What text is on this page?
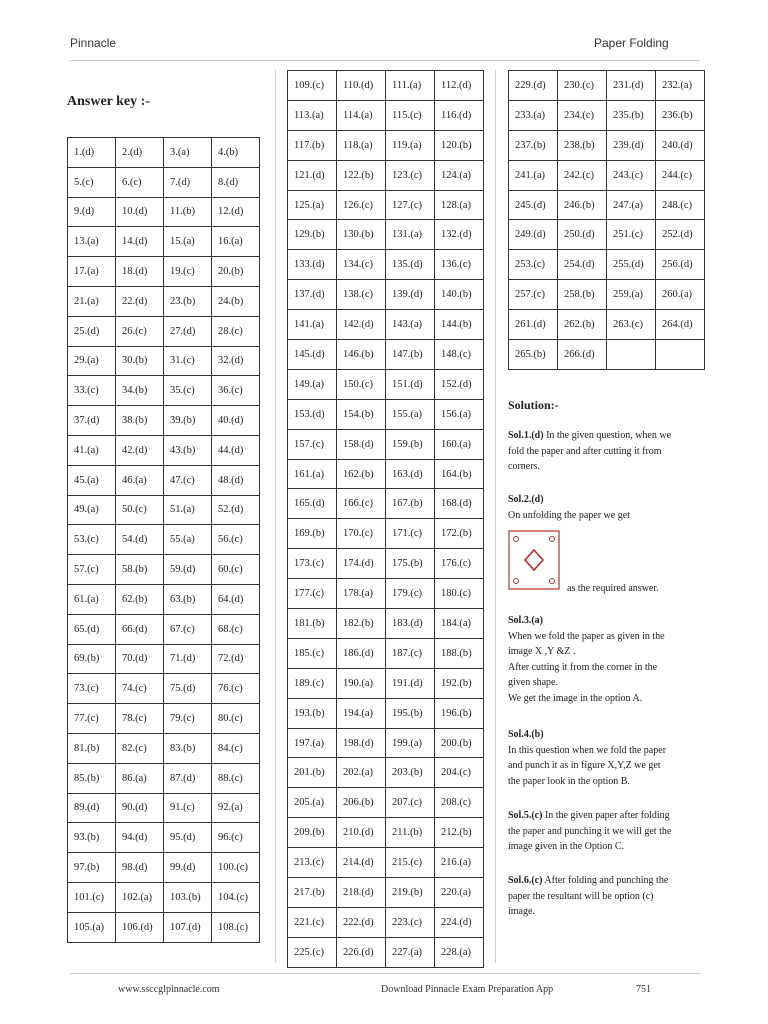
Pinnacle	Paper Folding
Answer key :-
1.(d)	2.(d)	3.(a)	4.(b)
5.(c)	6.(c)	7.(d)	8.(d)
9.(d)	10.(d)	11.(b)	12.(d)
13.(a)	14.(d)	15.(a)	16.(a)
17.(a)	18.(d)	19.(c)	20.(b)
21.(a)	22.(d)	23.(b)	24.(b)
25.(d)	26.(c)	27.(d)	28.(c)
29.(a)	30.(b)	31.(c)	32.(d)
33.(c)	34.(b)	35.(c)	36.(c)
37.(d)	38.(b)	39.(b)	40.(d)
41.(a)	42.(d)	43.(b)	44.(d)
45.(a)	46.(a)	47.(c)	48.(d)
49.(a)	50.(c)	51.(a)	52.(d)
53.(c)	54.(d)	55.(a)	56.(c)
57.(c)	58.(b)	59.(d)	60.(c)
61.(a)	62.(b)	63.(b)	64.(d)
65.(d)	66.(d)	67.(c)	68.(c)
69.(b)	70.(d)	71.(d)	72.(d)
73.(c)	74.(c)	75.(d)	76.(c)
77.(c)	78.(c)	79.(c)	80.(c)
81.(b)	82.(c)	83.(b)	84.(c)
85.(b)	86.(a)	87.(d)	88.(c)
89.(d)	90.(d)	91.(c)	92.(a)
93.(b)	94.(d)	95.(d)	96.(c)
97.(b)	98.(d)	99.(d)	100.(c)
101.(c)	102.(a)	103.(b)	104.(c)
105.(a)	106.(d)	107.(d)	108.(c)
109.(c)	110.(d)	111.(a)	112.(d)
113.(a)	114.(a)	115.(c)	116.(d)
117.(b)	118.(a)	119.(a)	120.(b)
121.(d)	122.(b)	123.(c)	124.(a)
125.(a)	126.(c)	127.(c)	128.(a)
129.(b)	130.(b)	131.(a)	132.(d)
133.(d)	134.(c)	135.(d)	136.(c)
137.(d)	138.(c)	139.(d)	140.(b)
141.(a)	142.(d)	143.(a)	144.(b)
145.(d)	146.(b)	147.(b)	148.(c)
149.(a)	150.(c)	151.(d)	152.(d)
153.(d)	154.(b)	155.(a)	156.(a)
157.(c)	158.(d)	159.(b)	160.(a)
161.(a)	162.(b)	163.(d)	164.(b)
165.(d)	166.(c)	167.(b)	168.(d)
169.(b)	170.(c)	171.(c)	172.(b)
173.(c)	174.(d)	175.(b)	176.(c)
177.(c)	178.(a)	179.(c)	180.(c)
181.(b)	182.(b)	183.(d)	184.(a)
185.(c)	186.(d)	187.(c)	188.(b)
189.(c)	190.(a)	191.(d)	192.(b)
193.(b)	194.(a)	195.(b)	196.(b)
197.(a)	198.(d)	199.(a)	200.(b)
201.(b)	202.(a)	203.(b)	204.(c)
205.(a)	206.(b)	207.(c)	208.(c)
209.(b)	210.(d)	211.(b)	212.(b)
213.(c)	214.(d)	215.(c)	216.(a)
217.(b)	218.(d)	219.(b)	220.(a)
221.(c)	222.(d)	223.(c)	224.(d)
225.(c)	226.(d)	227.(a)	228.(a)
229.(d)	230.(c)	231.(d)	232.(a)
233.(a)	234.(c)	235.(b)	236.(b)
237.(b)	238.(b)	239.(d)	240.(d)
241.(a)	242.(c)	243.(c)	244.(c)
245.(d)	246.(b)	247.(a)	248.(c)
249.(d)	250.(d)	251.(c)	252.(d)
253.(c)	254.(d)	255.(d)	256.(d)
257.(c)	258.(b)	259.(a)	260.(a)
261.(d)	262.(b)	263.(c)	264.(d)
265.(b)	266.(d)		
Solution:-
Sol.1.(d) In the given question, when we
fold the paper and after cutting it from
corners.
Sol.2.(d)
On unfolding the paper we get
as the required answer.
Sol.3.(a)
When we fold the paper as given in the
image X ,Y &Z .
After cutting it from the corner in the
given shape.
We get the image in the option A.
Sol.4.(b)
In this question when we fold the paper
and punch it as in figure X,Y,Z we get
the paper look in the option B.
Sol.5.(c) In the given paper after folding
the paper and punching it we will get the
image given in the Option C.
Sol.6.(c) After folding and punching the
paper the resultant will be option (c)
image.
www.ssccglpinnacle.com	Download Pinnacle Exam Preparation App	751
